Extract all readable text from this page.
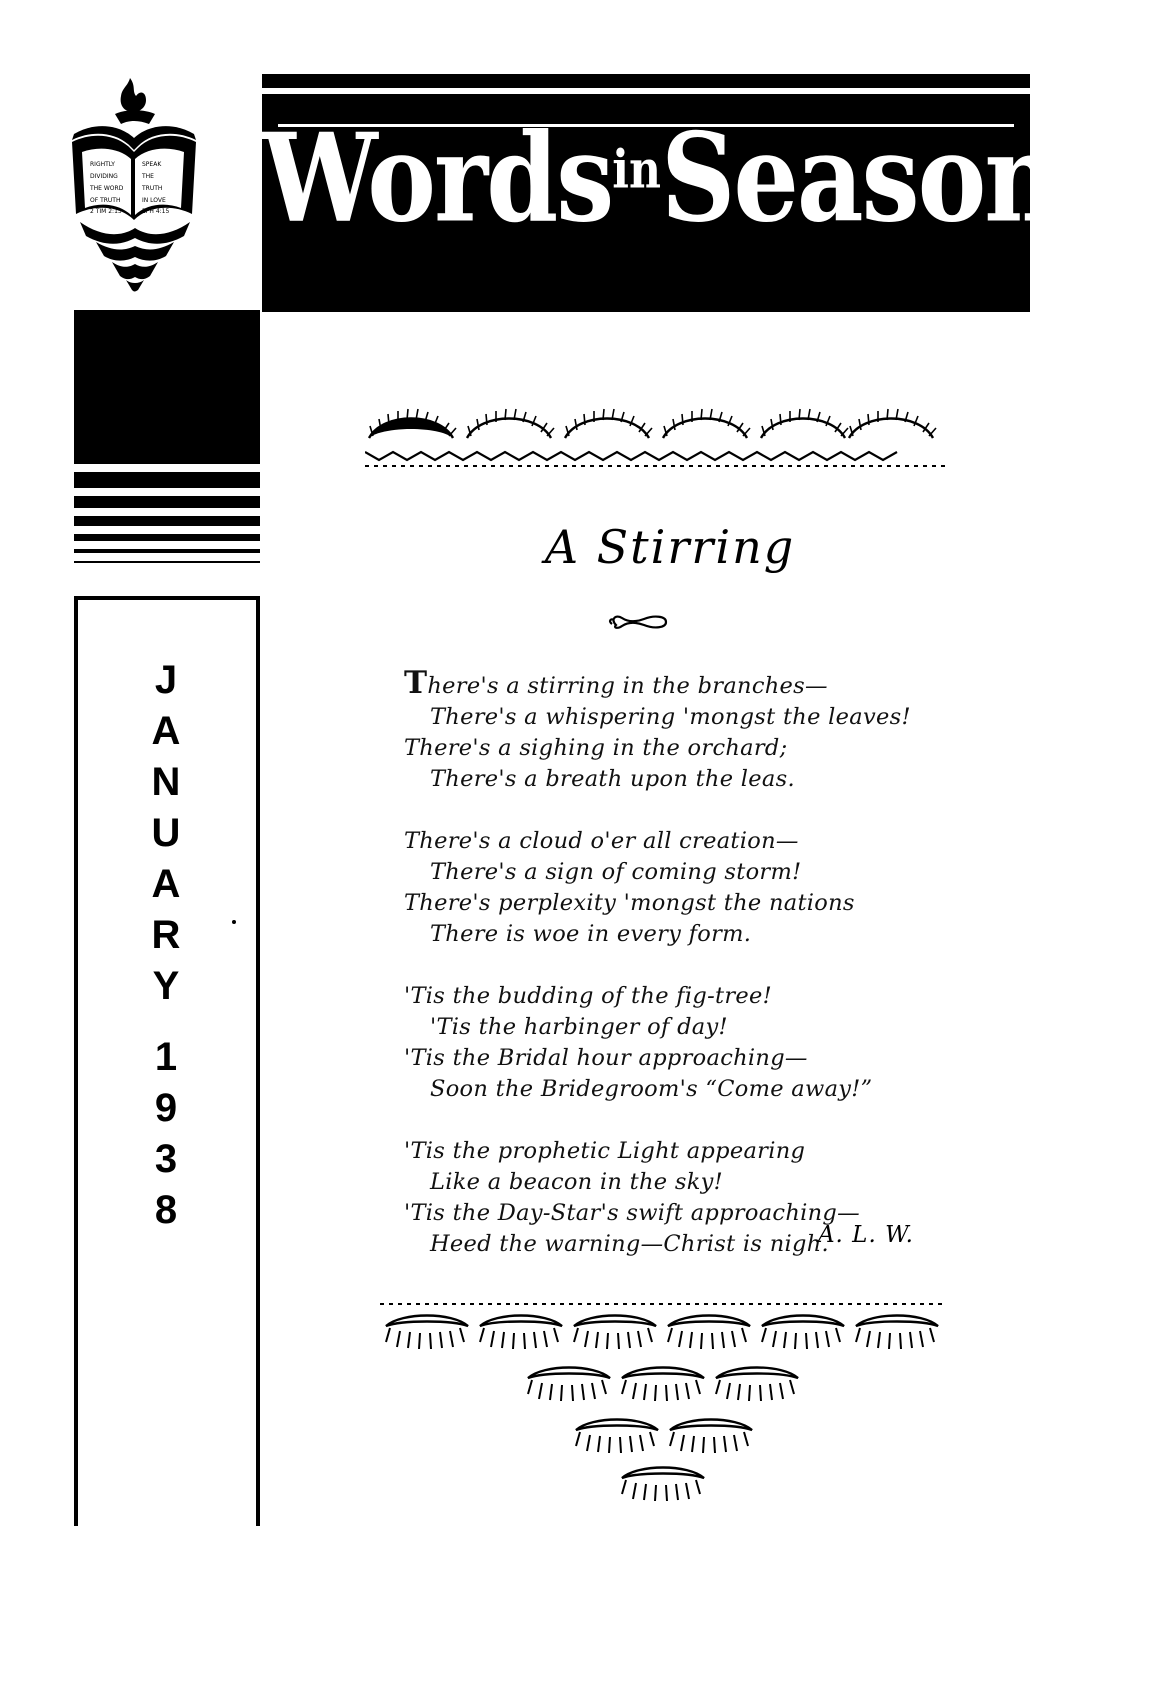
RIGHTLY
DIVIDING
THE WORD
OF TRUTH
2 TIM 2:15
SPEAK
THE
TRUTH
IN LOVE
EPH 4:15 Words$^{in}$Season
J
A
N
U
A
R
Y
1
9
3
8
A Stirring
There's a stirring in the branches—
There's a whispering 'mongst the leaves!
There's a sighing in the orchard;
There's a breath upon the leas.
There's a cloud o'er all creation—
There's a sign of coming storm!
There's perplexity 'mongst the nations
There is woe in every form.
'Tis the budding of the fig-tree!
'Tis the harbinger of day!
'Tis the Bridal hour approaching—
Soon the Bridegroom's “Come away!”
'Tis the prophetic Light appearing
Like a beacon in the sky!
'Tis the Day-Star's swift approaching—
Heed the warning—Christ is nigh.
A. L. W.
